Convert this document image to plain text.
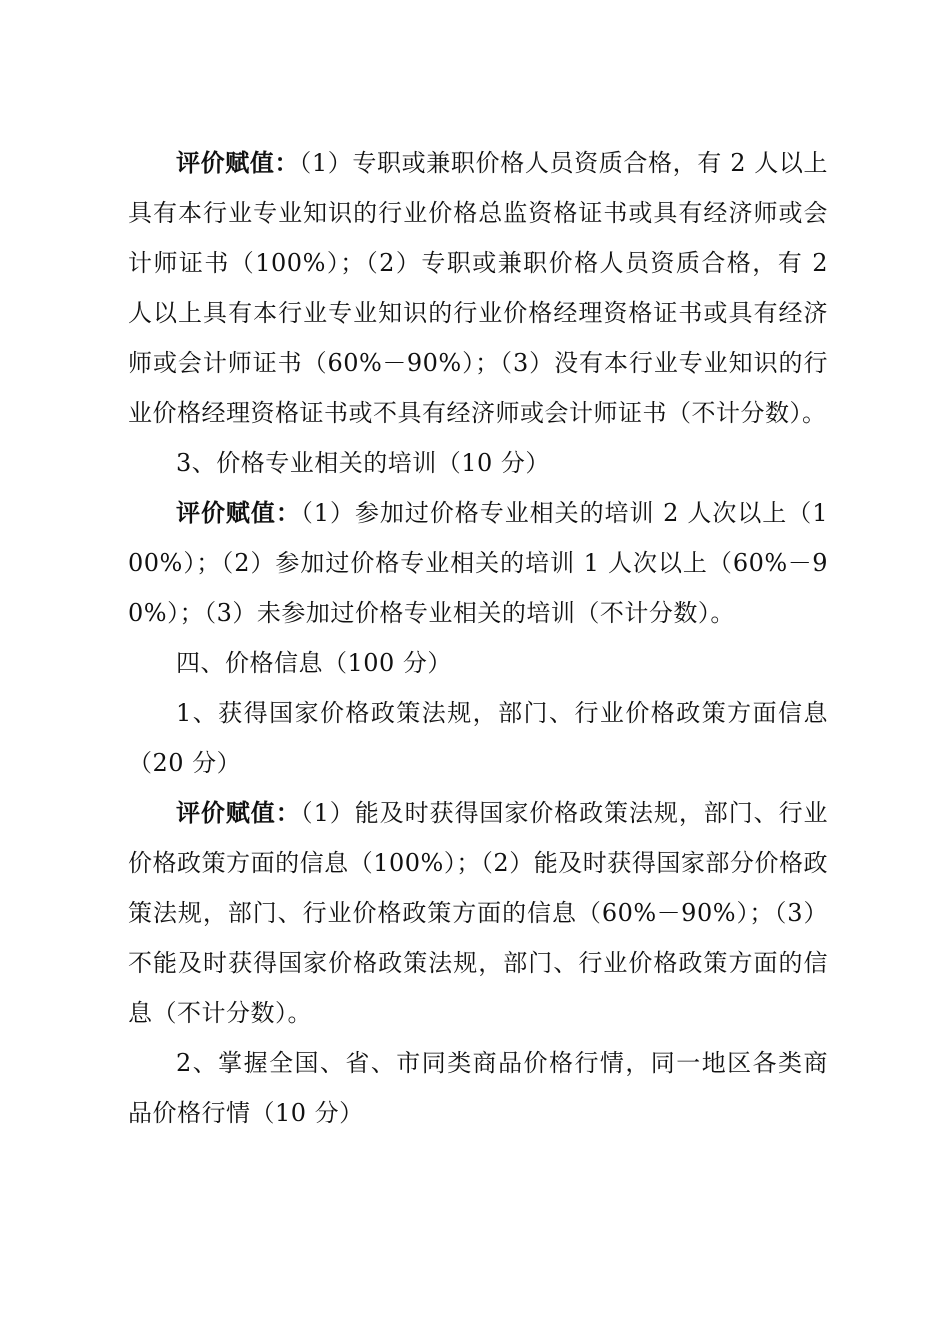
评价赋值：（1）专职或兼职价格人员资质合格，有 2 人以上具有本行业专业知识的行业价格总监资格证书或具有经济师或会计师证书（100%）；（2）专职或兼职价格人员资质合格，有 2 人以上具有本行业专业知识的行业价格经理资格证书或具有经济师或会计师证书（60%－90%）；（3）没有本行业专业知识的行业价格经理资格证书或不具有经济师或会计师证书（不计分数）。

3、价格专业相关的培训（10 分）

评价赋值：（1）参加过价格专业相关的培训 2 人次以上（100%）；（2）参加过价格专业相关的培训 1 人次以上（60%－90%）；（3）未参加过价格专业相关的培训（不计分数）。

四、价格信息（100 分）

1、获得国家价格政策法规，部门、行业价格政策方面信息（20 分）

评价赋值：（1）能及时获得国家价格政策法规，部门、行业价格政策方面的信息（100%）；（2）能及时获得国家部分价格政策法规，部门、行业价格政策方面的信息（60%－90%）；（3）不能及时获得国家价格政策法规，部门、行业价格政策方面的信息（不计分数）。

2、掌握全国、省、市同类商品价格行情，同一地区各类商品价格行情（10 分）
